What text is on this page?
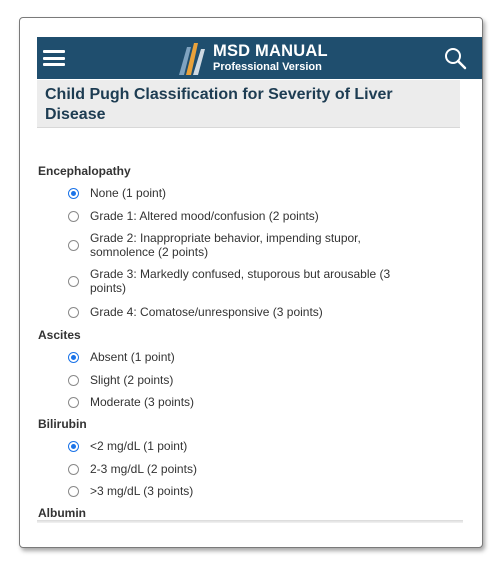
MSD MANUAL
Professional Version
Child Pugh Classification for Severity of Liver Disease
Encephalopathy
None (1 point)
Grade 1: Altered mood/confusion (2 points)
Grade 2: Inappropriate behavior, impending stupor, somnolence (2 points)
Grade 3: Markedly confused, stuporous but arousable (3 points)
Grade 4: Comatose/unresponsive (3 points)
Ascites
Absent (1 point)
Slight (2 points)
Moderate (3 points)
Bilirubin
<2 mg/dL (1 point)
2-3 mg/dL (2 points)
>3 mg/dL (3 points)
Albumin
